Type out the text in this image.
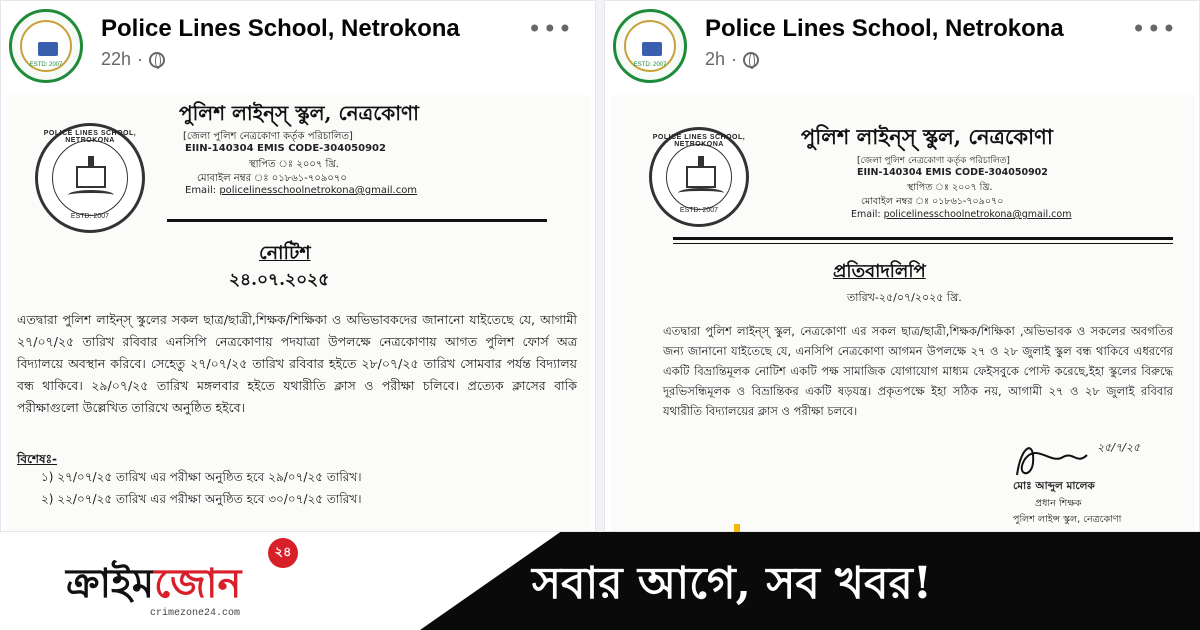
ESTD: 2007
Police Lines School, Netrokona
22h ·
•••
POLICE LINES SCHOOL, NETROKONA
ESTD: 2007
পুলিশ লাইন্স্ স্কুল, নেত্রকোণা
[জেলা পুলিশ নেত্রকোণা কর্তৃক পরিচালিত]
EIIN-140304 EMIS CODE-304050902
স্থাপিত ঃ ২০০৭ খ্রি.
মোবাইল নম্বর ঃ ০১৮৬১-৭০৯০৭০
Email: policelinesschoolnetrokona@gmail.com
নোটিশ
২৪.০৭.২০২৫

এতদ্বারা পুলিশ লাইন্স্ স্কুলের সকল ছাত্র/ছাত্রী,শিক্ষক/শিক্ষিকা ও অভিভাবকদের জানানো যাইতেছে যে, আগামী ২৭/০৭/২৫ তারিখ রবিবার এনসিপি নেত্রকোণায় পদযাত্রা উপলক্ষে নেত্রকোণায় আগত পুলিশ ফোর্স অত্র বিদ্যালয়ে অবস্থান করিবে। সেহেতু ২৭/০৭/২৫ তারিখ রবিবার হইতে ২৮/০৭/২৫ তারিখ সোমবার পর্যন্ত বিদ্যালয় বন্ধ থাকিবে। ২৯/০৭/২৫ তারিখ মঙ্গলবার হইতে যথারীতি ক্লাস ও পরীক্ষা চলিবে। প্রত্যেক ক্লাসের বাকি পরীক্ষাগুলো উল্লেখিত তারিখে অনুষ্ঠিত হইবে।

বিশেষঃ-
১) ২৭/০৭/২৫ তারিখ এর পরীক্ষা অনুষ্ঠিত হবে ২৯/০৭/২৫ তারিখ।
২) ২২/০৭/২৫ তারিখ এর পরীক্ষা অনুষ্ঠিত হবে ৩০/০৭/২৫ তারিখ।
ESTD: 2007
Police Lines School, Netrokona
2h ·
•••
POLICE LINES SCHOOL, NETROKONA
ESTD: 2007
পুলিশ লাইন্স্ স্কুল, নেত্রকোণা
[জেলা পুলিশ নেত্রকোণা কর্তৃক পরিচালিত]
EIIN-140304 EMIS CODE-304050902
স্থাপিত ঃ ২০০৭ খ্রি.
মোবাইল নম্বর ঃ ০১৮৬১-৭০৯০৭০
Email: policelinesschoolnetrokona@gmail.com
প্রতিবাদলিপি
তারিখ-২৫/০৭/২০২৫ খ্রি.

এতদ্বারা পুলিশ লাইন্স্ স্কুল, নেত্রকোণা এর সকল ছাত্র/ছাত্রী,শিক্ষক/শিক্ষিকা ,অভিভাবক ও সকলের অবগতির জন্য জানানো যাইতেছে যে, এনসিপি নেত্রকোণা আগমন উপলক্ষে ২৭ ও ২৮ জুলাই স্কুল বন্ধ থাকিবে এধরণের একটি বিভ্রান্তিমূলক নোটিশ একটি পক্ষ সামাজিক যোগাযোগ মাধ্যম ফেইসবুকে পোস্ট করেছে,ইহা স্কুলের বিরুদ্ধে দূরভিসন্ধিমূলক ও বিভ্রান্তিকর একটি ষড়যন্ত্র। প্রকৃতপক্ষে ইহা সঠিক নয়, আগামী ২৭ ও ২৮ জুলাই রবিবার যথারীতি বিদ্যালয়ের ক্লাস ও পরীক্ষা চলবে।

২৫/৭/২৫
মোঃ আব্দুল মালেক
প্রধান শিক্ষক
পুলিশ লাইন্স স্কুল, নেত্রকোণা
ক্রাইমজোন
২৪
crimezone24.com
সবার আগে, সব খবর!
